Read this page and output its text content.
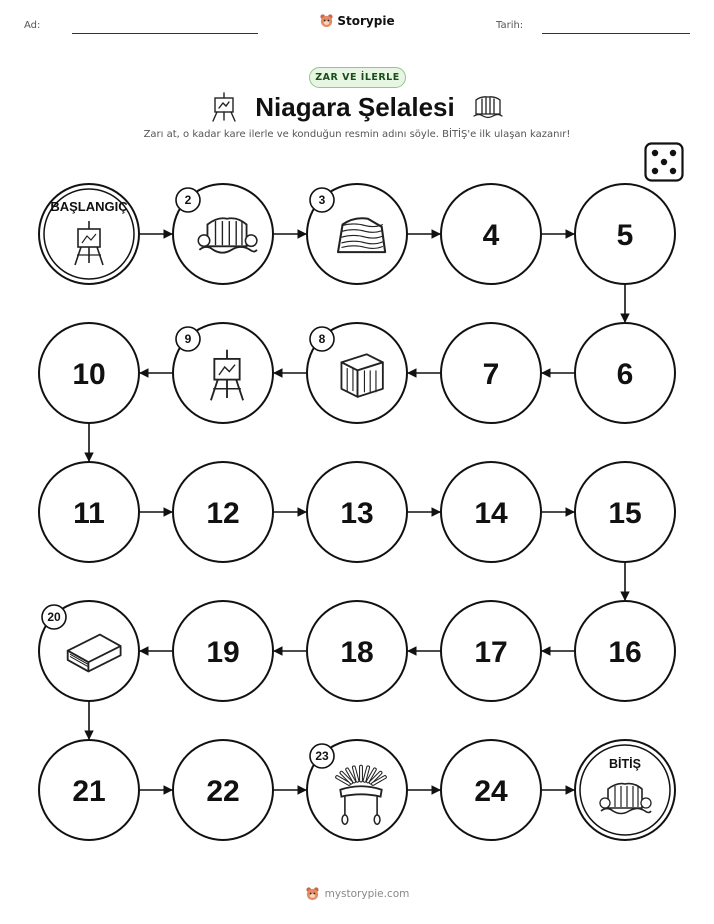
Ad:	Storypie	Tarih:
ZAR VE İLERLE
Niagara Şelalesi
Zarı at, o kadar kare ilerle ve konduğun resmin adını söyle. BİTİŞ'e ilk ulaşan kazanır!
BAŞLANGIÇ	2	3
4	5
6
7
8
9
10
11	12	13	14	15
16
17
18
19
20
21	22
23
24
BİTİŞ
mystorypie.com
